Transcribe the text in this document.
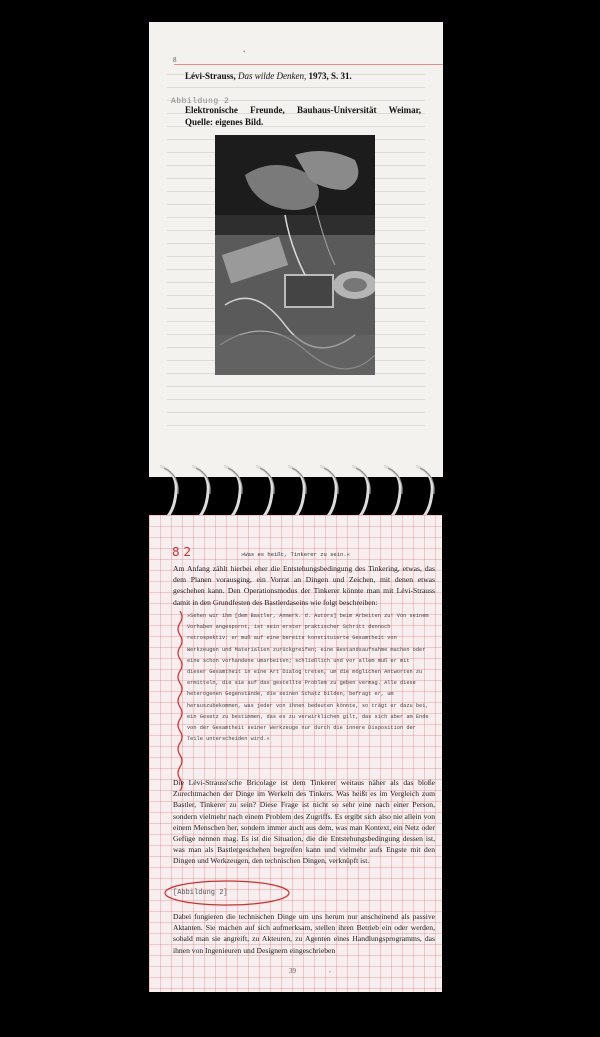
•
8
Lévi-Strauss, Das wilde Denken, 1973, S. 31.
Abbildung 2
Elektronische Freunde, Bauhaus-Universität Weimar, Quelle: eigenes Bild.
8 2	»Was es heißt, Tinkerer zu sein.«
Am Anfang zählt hierbei eher die Entstehungsbedingung des Tinkering, etwas, das dem Planen vorausging, ein Vorrat an Dingen und Zeichen, mit denen etwas geschehen kann. Den Operationsmodus der Tinkerer könnte man mit Lévi-Strauss damit in den Grundfesten des Bastlerdaseins wie folgt beschreiben:
»Sehen wir ihm [dem Bastler, Anmerk. d. Autors] beim Arbeiten zu! Von seinem Vorhaben angespornt, ist sein erster praktischer Schritt dennoch retrospektiv: er muß auf eine bereits konstituierte Gesamtheit von Werkzeugen und Materialien zurückgreifen; eine Bestandsaufnahme machen oder eine schon vorhandene umarbeiten; schließlich und vor allem muß er mit dieser Gesamtheit in eine Art Dialog treten, um die möglichen Antworten zu ermitteln, die sie auf das gestellte Problem zu geben vermag. Alle diese heterogenen Gegenstände, die seinen Schatz bilden, befragt er, um herauszubekommen, was jeder von ihnen bedeuten könnte, so trägt er dazu bei, ein Gesetz zu bestimmen, das es zu verwirklichen gilt, das sich aber am Ende von der Gesamtheit seiner Werkzeuge nur durch die innere Disposition der Teile unterscheiden wird.«
Die Lévi-Strauss'sche Bricolage ist dem Tinkerer weitaus näher als das bloße Zurechtmachen der Dinge im Werkeln des Tinkers. Was heißt es im Vergleich zum Bastler, Tinkerer zu sein? Diese Frage ist nicht so sehr eine nach einer Person, sondern vielmehr nach einem Problem des Zugriffs. Es ergibt sich also nie allein von einem Menschen her, sondern immer auch aus dem, was man Kontext, ein Netz oder Gefüge nennen mag. Es ist die Situation, die die Entstehungsbedingung dessen ist, was man als Bastlergeschehen begreifen kann und vielmehr aufs Engste mit den Dingen und Werkzeugen, den technischen Dingen, verknüpft ist.
[Abbildung 2]
Dabei fungieren die technischen Dinge um uns herum nur anscheinend als passive Aktanten. Sie machen auf sich aufmerksam, stellen ihren Betrieb ein oder werden, sobald man sie angreift, zu Akteuren, zu Agenten eines Handlungsprogramms, das ihnen von Ingenieuren und Designern eingeschrieben
39	•
